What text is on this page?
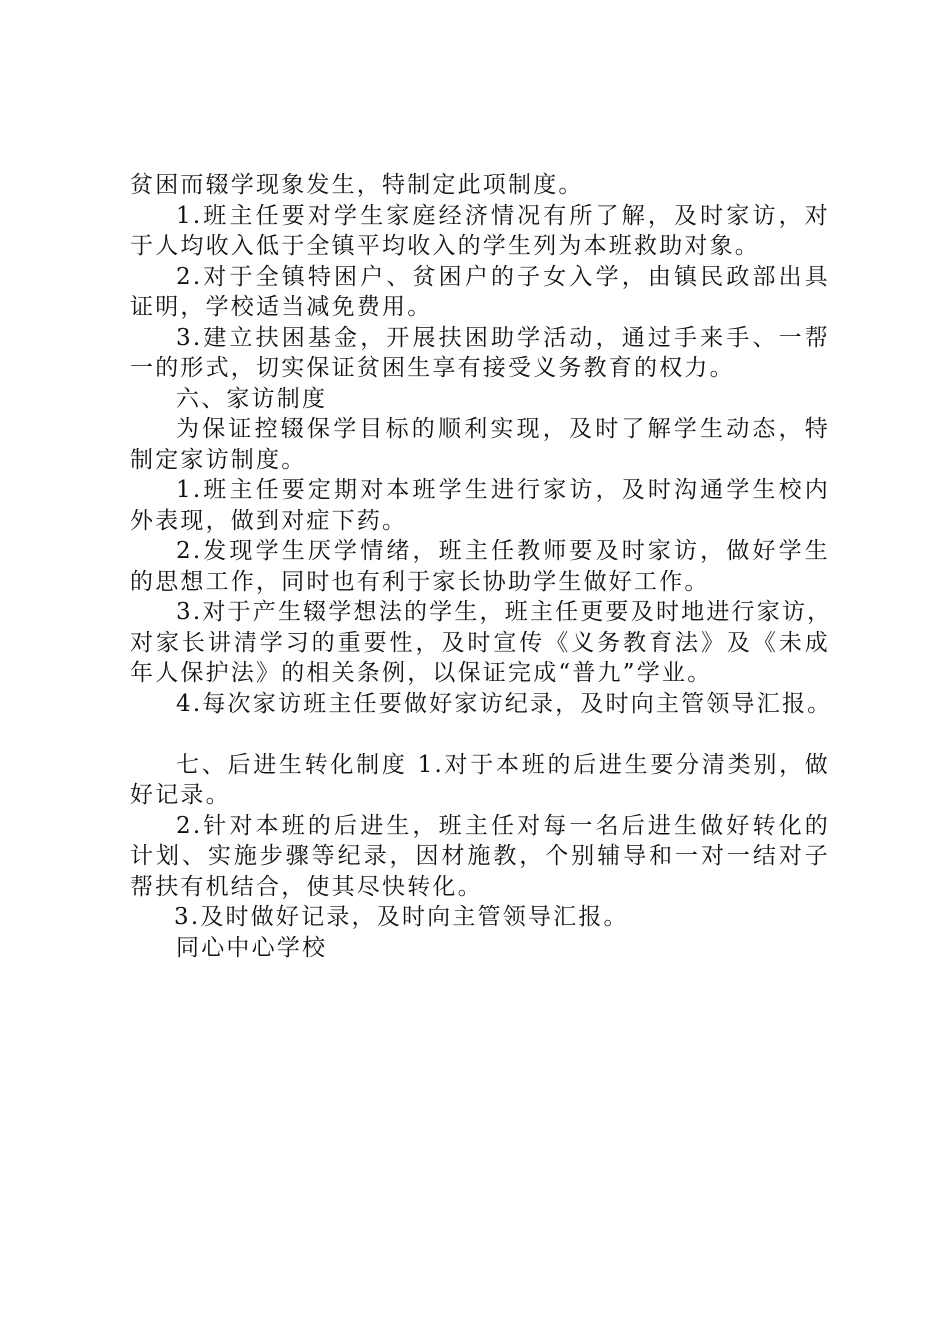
贫困而辍学现象发生，特制定此项制度。
1.班主任要对学生家庭经济情况有所了解，及时家访，对
于人均收入低于全镇平均收入的学生列为本班救助对象。
2.对于全镇特困户、贫困户的子女入学，由镇民政部出具
证明，学校适当减免费用。
3.建立扶困基金，开展扶困助学活动，通过手来手、一帮
一的形式，切实保证贫困生享有接受义务教育的权力。
六、家访制度
为保证控辍保学目标的顺利实现，及时了解学生动态，特
制定家访制度。
1.班主任要定期对本班学生进行家访，及时沟通学生校内
外表现，做到对症下药。
2.发现学生厌学情绪，班主任教师要及时家访，做好学生
的思想工作，同时也有利于家长协助学生做好工作。
3.对于产生辍学想法的学生，班主任更要及时地进行家访，
对家长讲清学习的重要性，及时宣传《义务教育法》及《未成
年人保护法》的相关条例，以保证完成“普九”学业。
4.每次家访班主任要做好家访纪录，及时向主管领导汇报。
七、后进生转化制度 1.对于本班的后进生要分清类别，做
好记录。
2.针对本班的后进生，班主任对每一名后进生做好转化的
计划、实施步骤等纪录，因材施教，个别辅导和一对一结对子
帮扶有机结合，使其尽快转化。
3.及时做好记录，及时向主管领导汇报。
同心中心学校
